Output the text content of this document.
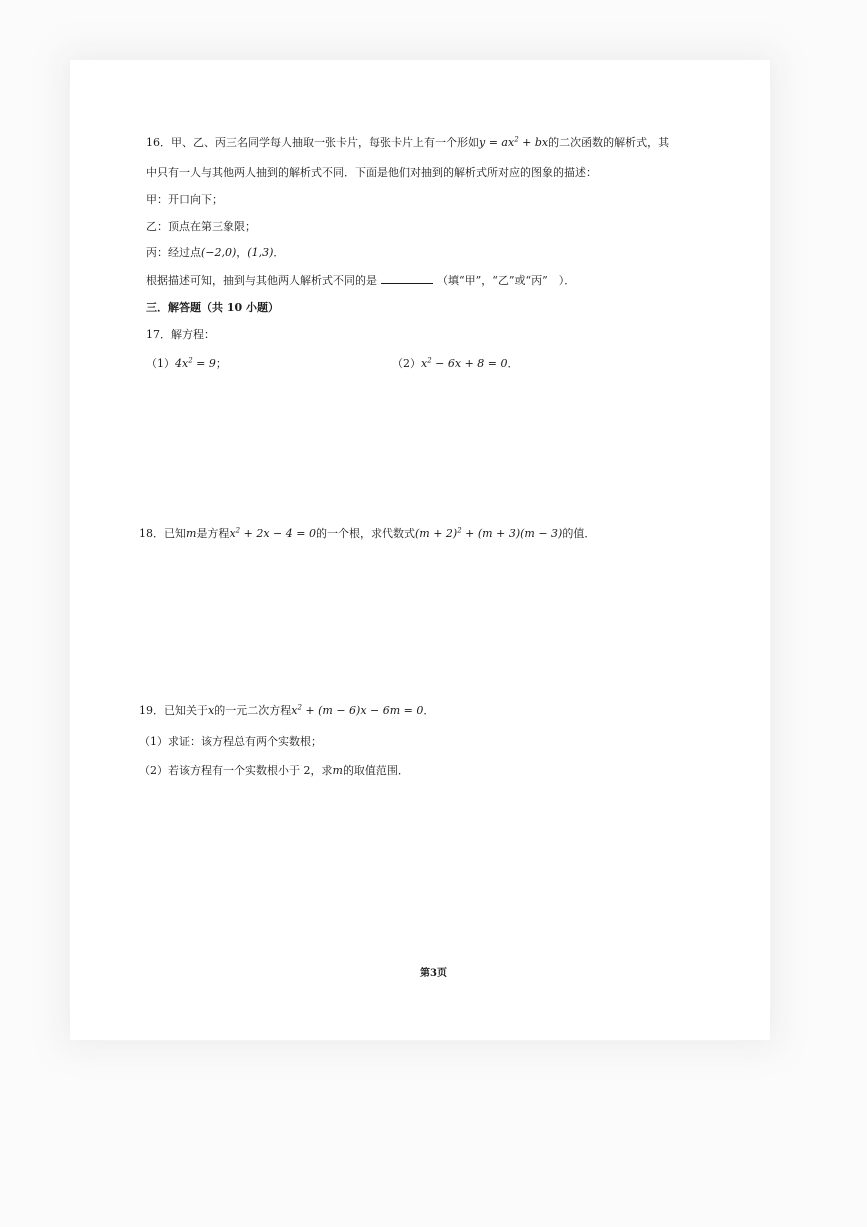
16．甲、乙、丙三名同学每人抽取一张卡片，每张卡片上有一个形如$y = ax^2$ + bx的二次函数的解析式，其
中只有一人与其他两人抽到的解析式不同．下面是他们对抽到的解析式所对应的图象的描述：
甲：开口向下；
乙：顶点在第三象限；
丙：经过点(−2,0)，(1,3)．
根据描述可知，抽到与其他两人解析式不同的是	（填“甲”，“乙”或“丙”　）．
三．解答题（共 10 小题）
17．解方程：
$(1)4x^2 = 9$；	$(2)x^2 - 6x + 8 = 0$．
18．已知m是方程$x^2 + 2x - 4 = 0$的一个根，求代数式$(m + 2)^2 + (m + 3)(m - 3)$的值．
19．已知关于x的一元二次方程$x^2 + (m - 6)x - 6m = 0$．
（1）求证：该方程总有两个实数根；
（2）若该方程有一个实数根小于 2，求m的取值范围．
第3页
